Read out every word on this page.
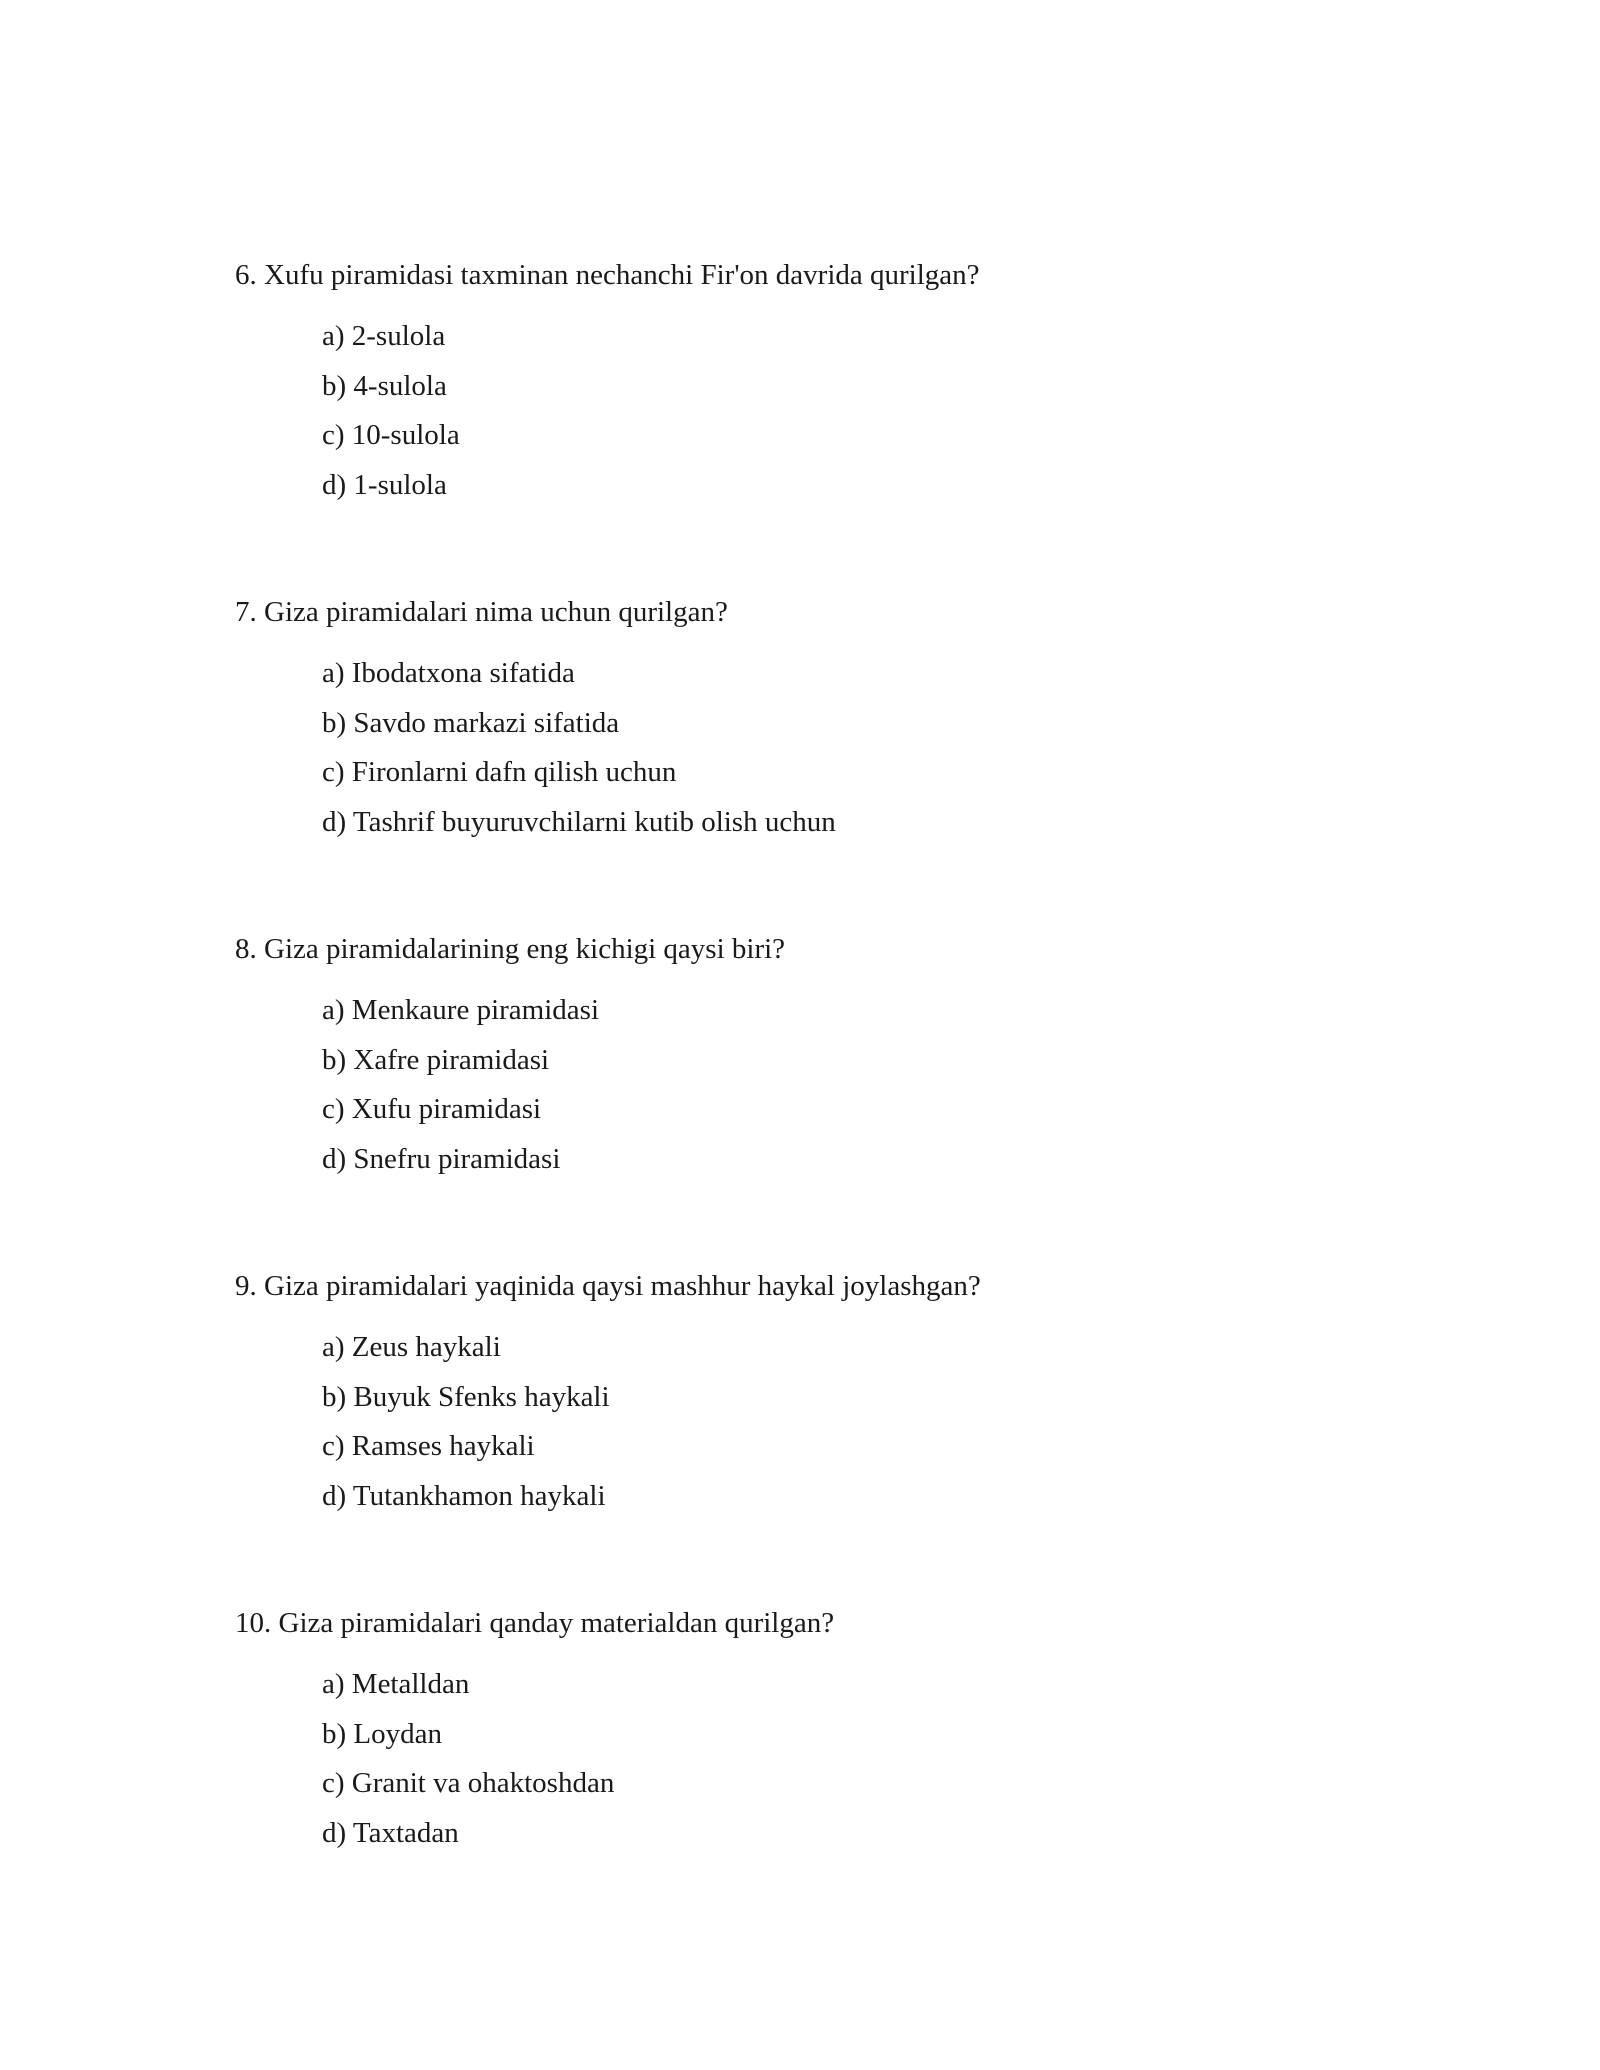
6. Xufu piramidasi taxminan nechanchi Fir'on davrida qurilgan?
a) 2-sulola
b) 4-sulola
c) 10-sulola
d) 1-sulola
7. Giza piramidalari nima uchun qurilgan?
a) Ibodatxona sifatida
b) Savdo markazi sifatida
c) Fironlarni dafn qilish uchun
d) Tashrif buyuruvchilarni kutib olish uchun
8. Giza piramidalarining eng kichigi qaysi biri?
a) Menkaure piramidasi
b) Xafre piramidasi
c) Xufu piramidasi
d) Snefru piramidasi
9. Giza piramidalari yaqinida qaysi mashhur haykal joylashgan?
a) Zeus haykali
b) Buyuk Sfenks haykali
c) Ramses haykali
d) Tutankhamon haykali
10. Giza piramidalari qanday materialdan qurilgan?
a) Metalldan
b) Loydan
c) Granit va ohaktoshdan
d) Taxtadan
